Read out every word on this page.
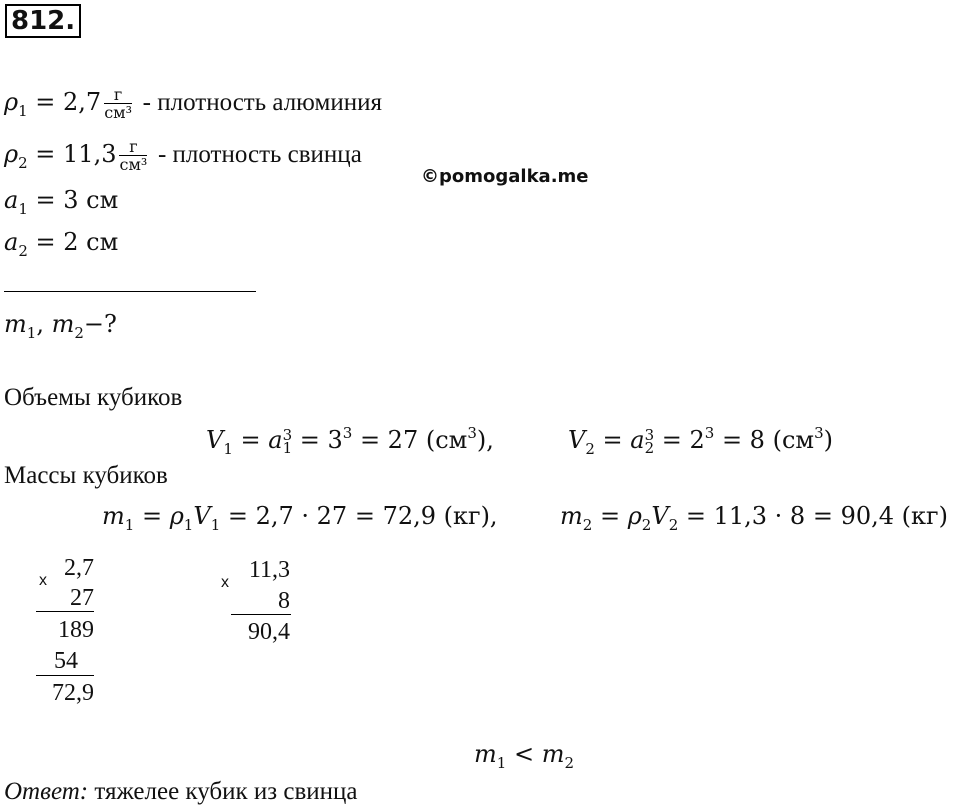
812.
$\rho_1 = 2,7 \frac{г}{\text{см³}}$ - плотность алюминия
$\rho_2 = 11,3 \frac{г}{\text{см³}}$ - плотность свинца
©pomogalka.me
$a_1 = 3$ см
$a_2 = 2$ см
$m_1$, $m_2-$?
Объемы кубиков
$V_1 = a$ 3
$1 = 3^3 = 27$ $(см^3)$,	$V_2 = a$ 3
$2 = 2^3 = 8$ $(см^3)$
Массы кубиков
$m_1 = \rho_1V_1 = 2,7 \cdot 27 = 72,9$ (кг),	$m_2 = \rho_2V_2 = 11,3 \cdot 8 = 90,4$ (кг)
x 2,7
27
189
54
72,9
x 11,3
8
90,4
$m_1 < m_2$
Ответ: тяжелее кубик из свинца
